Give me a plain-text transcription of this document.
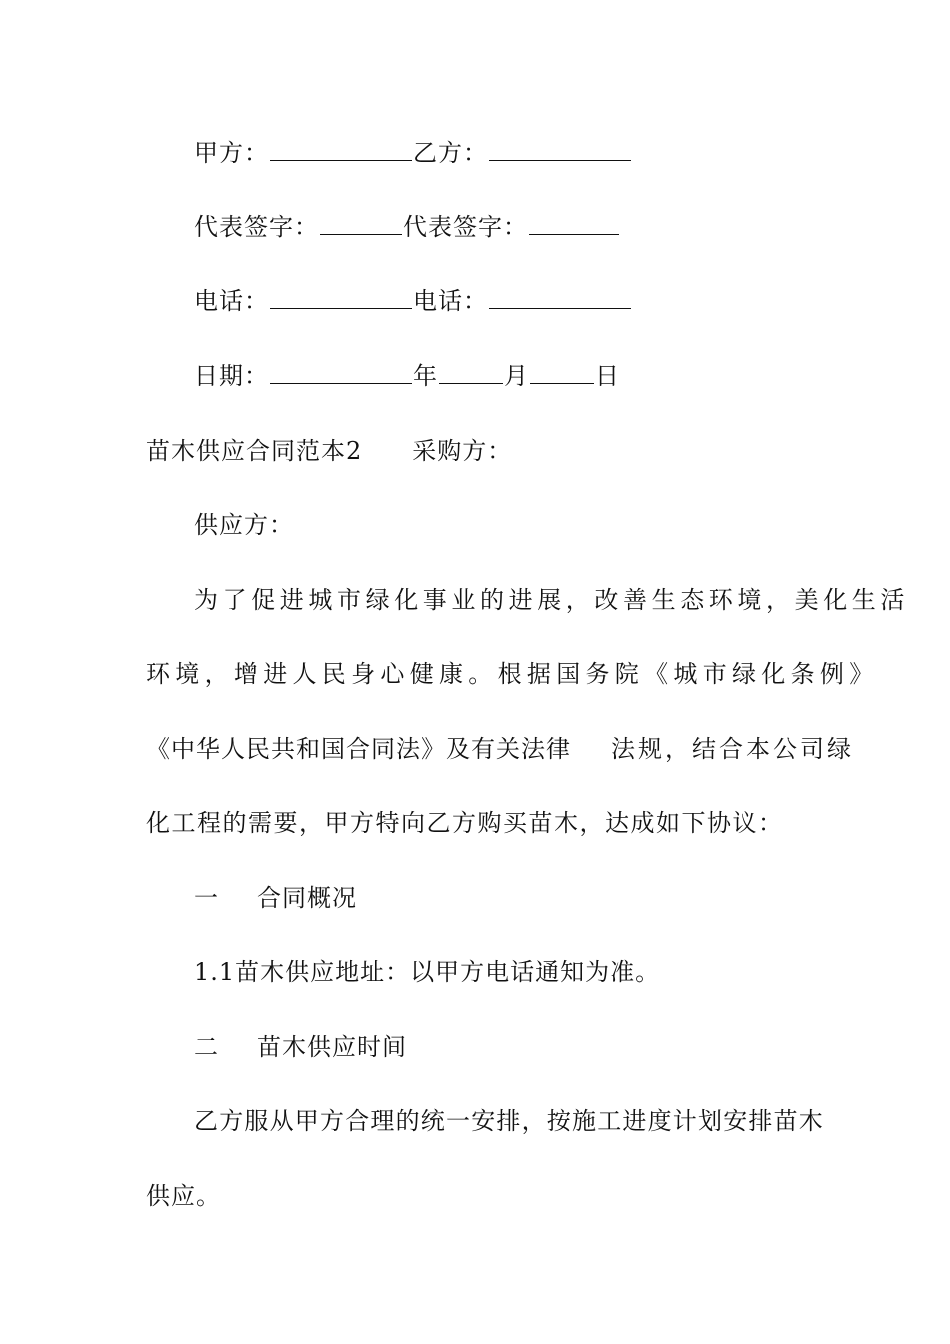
甲方：	乙方：
代表签字：	代表签字：
电话：	电话：
日期：	年	月	日
苗木供应合同范本2 采购方：
供应方：
为了促进城市绿化事业的进展，改善生态环境，美化生活
环境，增进人民身心健康。根据国务院《城市绿化条例》
《中华人民共和国合同法》及有关法律 法规，结合本公司绿
化工程的需要，甲方特向乙方购买苗木，达成如下协议：
一 合同概况
1.1苗木供应地址：以甲方电话通知为准。
二 苗木供应时间
乙方服从甲方合理的统一安排，按施工进度计划安排苗木
供应。
